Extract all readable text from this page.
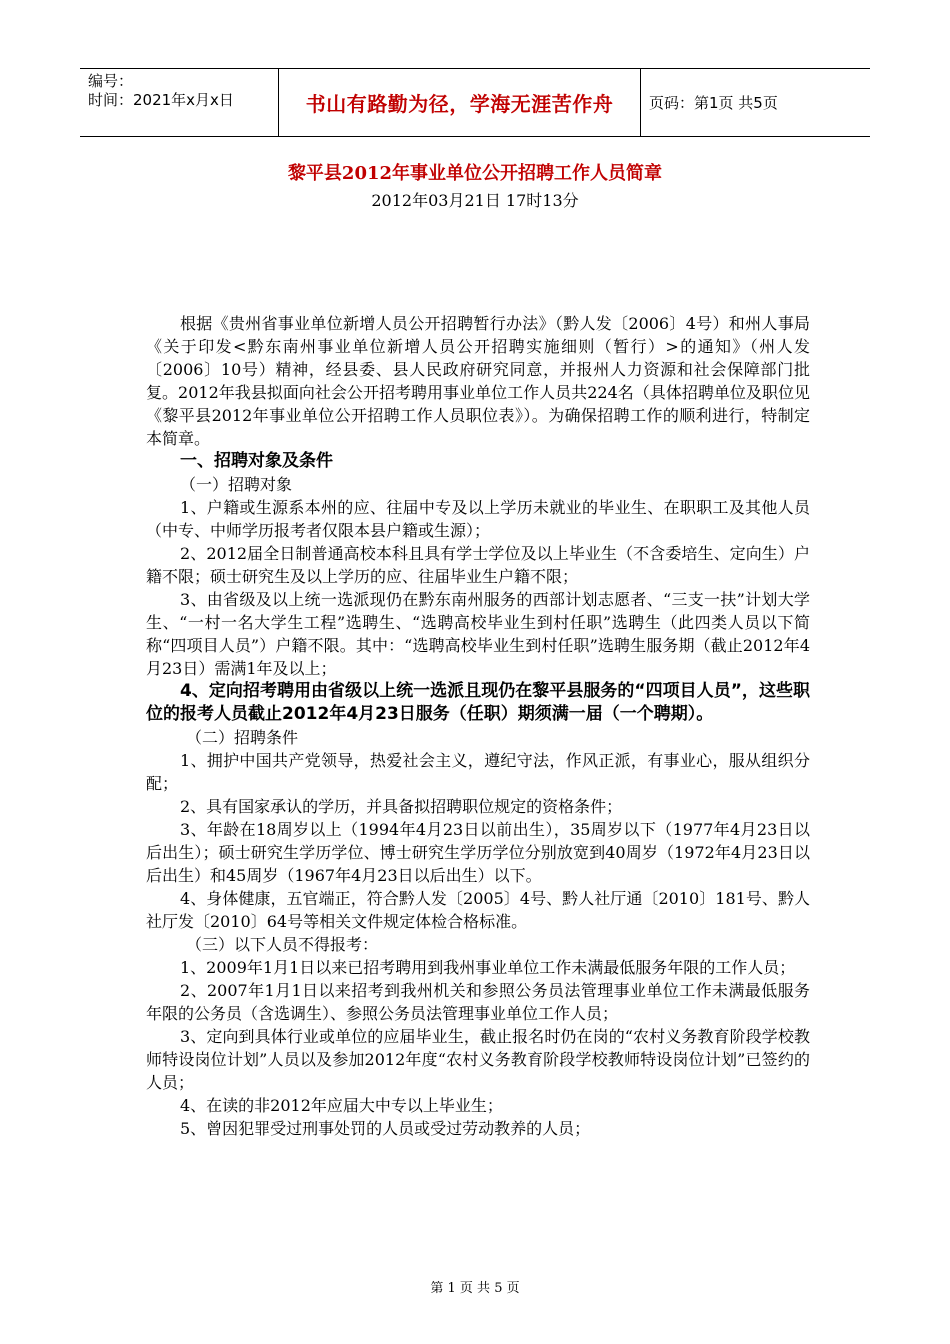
编号：
时间：2021年x月x日	书山有路勤为径，学海无涯苦作舟	页码：第1页 共5页
黎平县2012年事业单位公开招聘工作人员简章
2012年03月21日 17时13分

根据《贵州省事业单位新增人员公开招聘暂行办法》（黔人发〔2006〕4号）和州人事局《关于印发<黔东南州事业单位新增人员公开招聘实施细则（暂行）>的通知》（州人发〔2006〕10号）精神，经县委、县人民政府研究同意，并报州人力资源和社会保障部门批复。2012年我县拟面向社会公开招考聘用事业单位工作人员共224名（具体招聘单位及职位见《黎平县2012年事业单位公开招聘工作人员职位表》）。为确保招聘工作的顺利进行，特制定本简章。

一、招聘对象及条件

（一）招聘对象

1、户籍或生源系本州的应、往届中专及以上学历未就业的毕业生、在职职工及其他人员（中专、中师学历报考者仅限本县户籍或生源）；

2、2012届全日制普通高校本科且具有学士学位及以上毕业生（不含委培生、定向生）户籍不限；硕士研究生及以上学历的应、往届毕业生户籍不限；

3、由省级及以上统一选派现仍在黔东南州服务的西部计划志愿者、“三支一扶”计划大学生、“一村一名大学生工程”选聘生、“选聘高校毕业生到村任职”选聘生（此四类人员以下简称“四项目人员”）户籍不限。其中：“选聘高校毕业生到村任职”选聘生服务期（截止2012年4月23日）需满1年及以上；

4、定向招考聘用由省级以上统一选派且现仍在黎平县服务的“四项目人员”，这些职位的报考人员截止2012年4月23日服务（任职）期须满一届（一个聘期）。

（二）招聘条件

1、拥护中国共产党领导，热爱社会主义，遵纪守法，作风正派，有事业心，服从组织分配；

2、具有国家承认的学历，并具备拟招聘职位规定的资格条件；

3、年龄在18周岁以上（1994年4月23日以前出生），35周岁以下（1977年4月23日以后出生）；硕士研究生学历学位、博士研究生学历学位分别放宽到40周岁（1972年4月23日以后出生）和45周岁（1967年4月23日以后出生）以下。

4、身体健康，五官端正，符合黔人发〔2005〕4号、黔人社厅通〔2010〕181号、黔人社厅发〔2010〕64号等相关文件规定体检合格标准。

（三）以下人员不得报考：

1、2009年1月1日以来已招考聘用到我州事业单位工作未满最低服务年限的工作人员；

2、2007年1月1日以来招考到我州机关和参照公务员法管理事业单位工作未满最低服务年限的公务员（含选调生）、参照公务员法管理事业单位工作人员；

3、定向到具体行业或单位的应届毕业生，截止报名时仍在岗的“农村义务教育阶段学校教师特设岗位计划”人员以及参加2012年度“农村义务教育阶段学校教师特设岗位计划”已签约的人员；

4、在读的非2012年应届大中专以上毕业生；

5、曾因犯罪受过刑事处罚的人员或受过劳动教养的人员；

第 1 页 共 5 页
